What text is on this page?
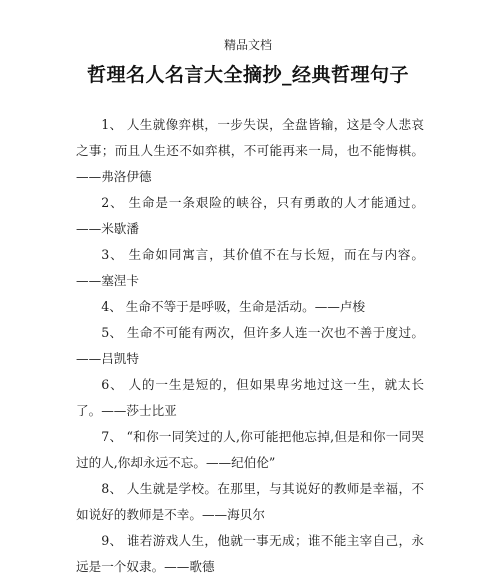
精品文档
哲理名人名言大全摘抄_经典哲理句子

1、 人生就像弈棋，一步失误，全盘皆输，这是令人悲哀之事；而且人生还不如弈棋，不可能再来一局，也不能悔棋。——弗洛伊德

2、 生命是一条艰险的峡谷，只有勇敢的人才能通过。——米歇潘

3、 生命如同寓言，其价值不在与长短，而在与内容。——塞涅卡

4、 生命不等于是呼吸，生命是活动。——卢梭

5、 生命不可能有两次，但许多人连一次也不善于度过。——吕凯特

6、 人的一生是短的，但如果卑劣地过这一生，就太长了。——莎士比亚

7、 “和你一同笑过的人,你可能把他忘掉,但是和你一同哭过的人,你却永远不忘。——纪伯伦”

8、 人生就是学校。在那里，与其说好的教师是幸福，不如说好的教师是不幸。——海贝尔

9、 谁若游戏人生，他就一事无成；谁不能主宰自己，永远是一个奴隶。——歌德
